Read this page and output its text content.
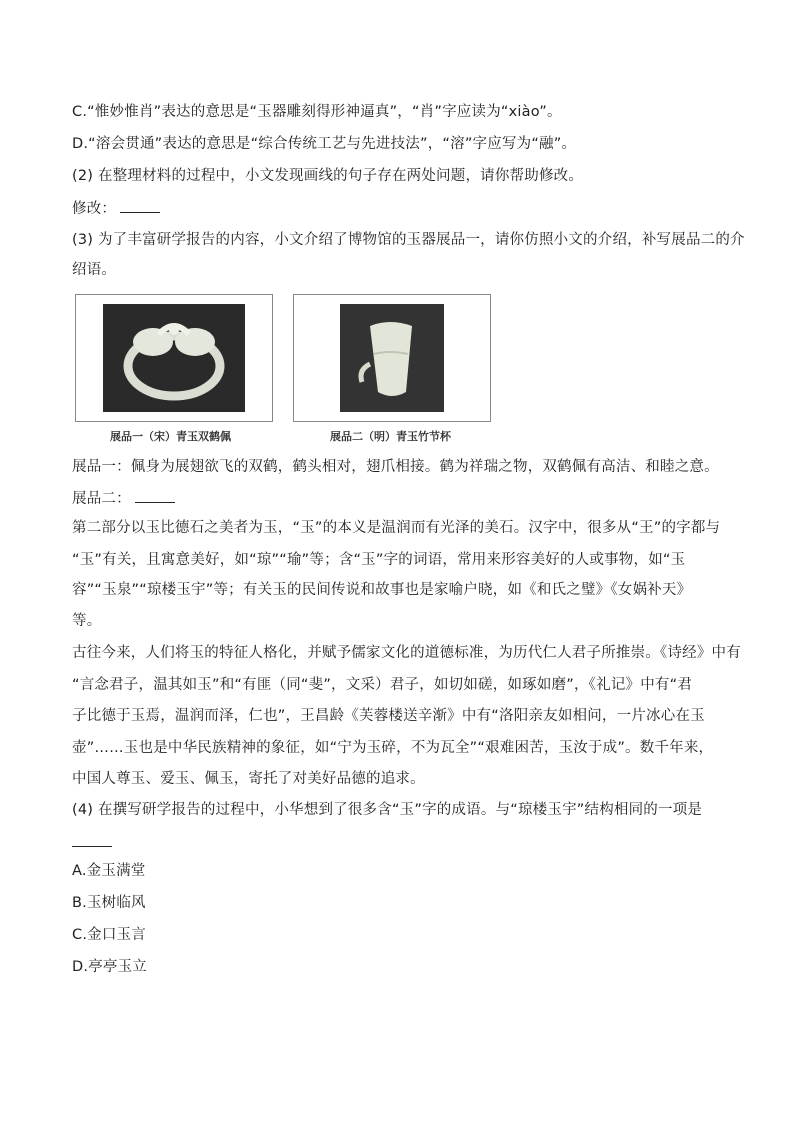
C.“惟妙惟肖”表达的意思是“玉器雕刻得形神逼真”，“肖”字应读为“xiào”。
D.“溶会贯通”表达的意思是“综合传统工艺与先进技法”，“溶”字应写为“融”。
(2) 在整理材料的过程中，小文发现画线的句子存在两处问题，请你帮助修改。
修改：
(3) 为了丰富研学报告的内容，小文介绍了博物馆的玉器展品一，请你仿照小文的介绍，补写展品二的介
绍语。
展品一（宋）青玉双鹤佩	展品二（明）青玉竹节杯
展品一：佩身为展翅欲飞的双鹤，鹤头相对，翅爪相接。鹤为祥瑞之物，双鹤佩有高洁、和睦之意。
展品二：
第二部分以玉比德石之美者为玉，“玉”的本义是温润而有光泽的美石。汉字中，很多从“王”的字都与
“玉”有关，且寓意美好，如“琼”“瑜”等；含“玉”字的词语，常用来形容美好的人或事物，如“玉
容”“玉泉”“琼楼玉宇”等；有关玉的民间传说和故事也是家喻户晓，如《和氏之璧》《女娲补天》
等。
古往今来，人们将玉的特征人格化，并赋予儒家文化的道德标准，为历代仁人君子所推崇。《诗经》中有
“言念君子，温其如玉”和“有匪（同“斐”，文采）君子，如切如磋，如琢如磨”，《礼记》中有“君
子比德于玉焉，温润而泽，仁也”，王昌龄《芙蓉楼送辛渐》中有“洛阳亲友如相问，一片冰心在玉
壶”……玉也是中华民族精神的象征，如“宁为玉碎，不为瓦全”“艰难困苦，玉汝于成”。数千年来，
中国人尊玉、爱玉、佩玉，寄托了对美好品德的追求。
(4) 在撰写研学报告的过程中，小华想到了很多含“玉”字的成语。与“琼楼玉宇”结构相同的一项是
A.金玉满堂
B.玉树临风
C.金口玉言
D.亭亭玉立
